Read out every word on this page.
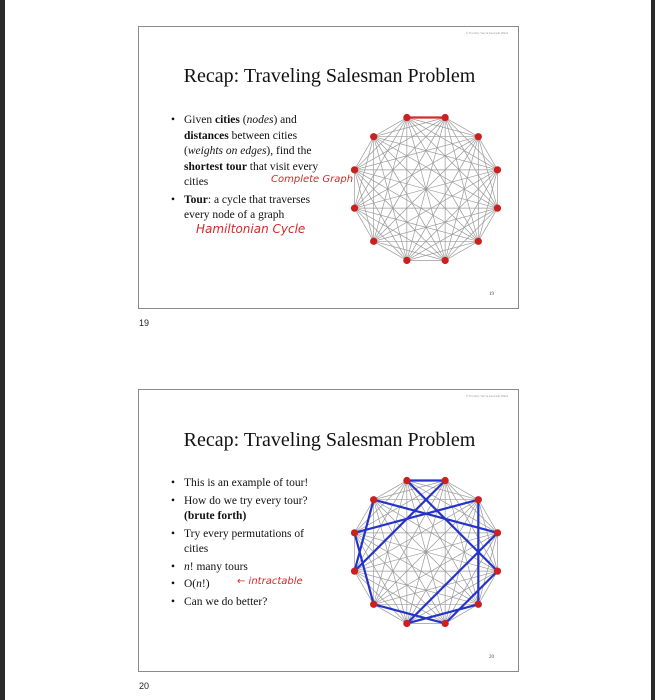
© Timothy Yan & Kenneth Ward
Recap: Traveling Salesman Problem
• Given cities (nodes) and distances between cities (weights on edges), find the shortest tour that visit every cities
• Tour: a cycle that traverses every node of a graph
Complete Graph
Hamiltonian Cycle
19
19
© Timothy Yan & Kenneth Ward
Recap: Traveling Salesman Problem
• This is an example of tour!
• How do we try every tour? (brute forth)
• Try every permutations of cities
• n! many tours
• O(n!)
• Can we do better?
← intractable
20
20
